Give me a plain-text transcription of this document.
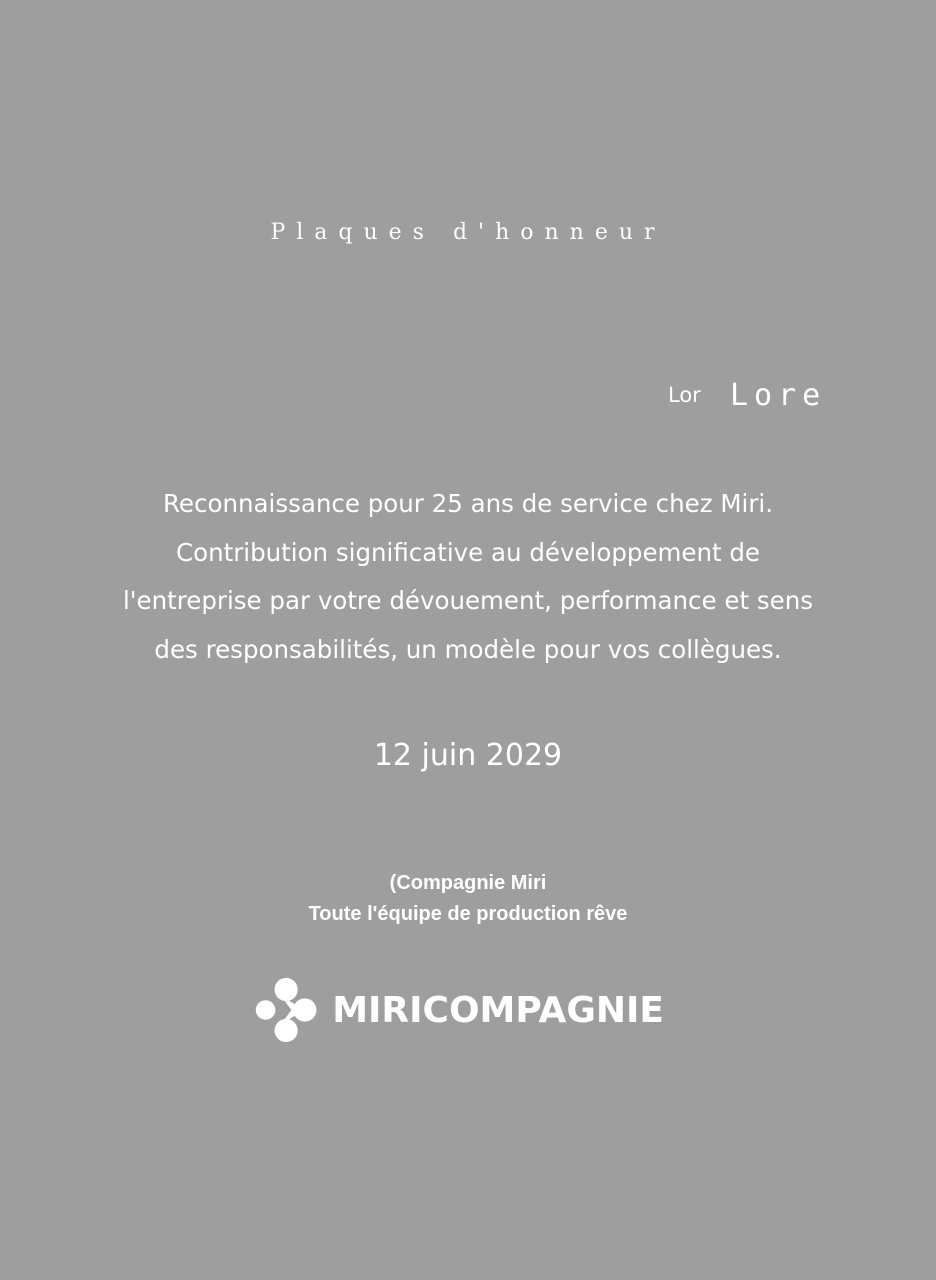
Plaques d'honneur
Lor Lore
Reconnaissance pour 25 ans de service chez Miri.
Contribution significative au développement de
l'entreprise par votre dévouement, performance et sens
des responsabilités, un modèle pour vos collègues.
12 juin 2029
(Compagnie Miri
Toute l'équipe de production rêve
MIRICOMPAGNIE
